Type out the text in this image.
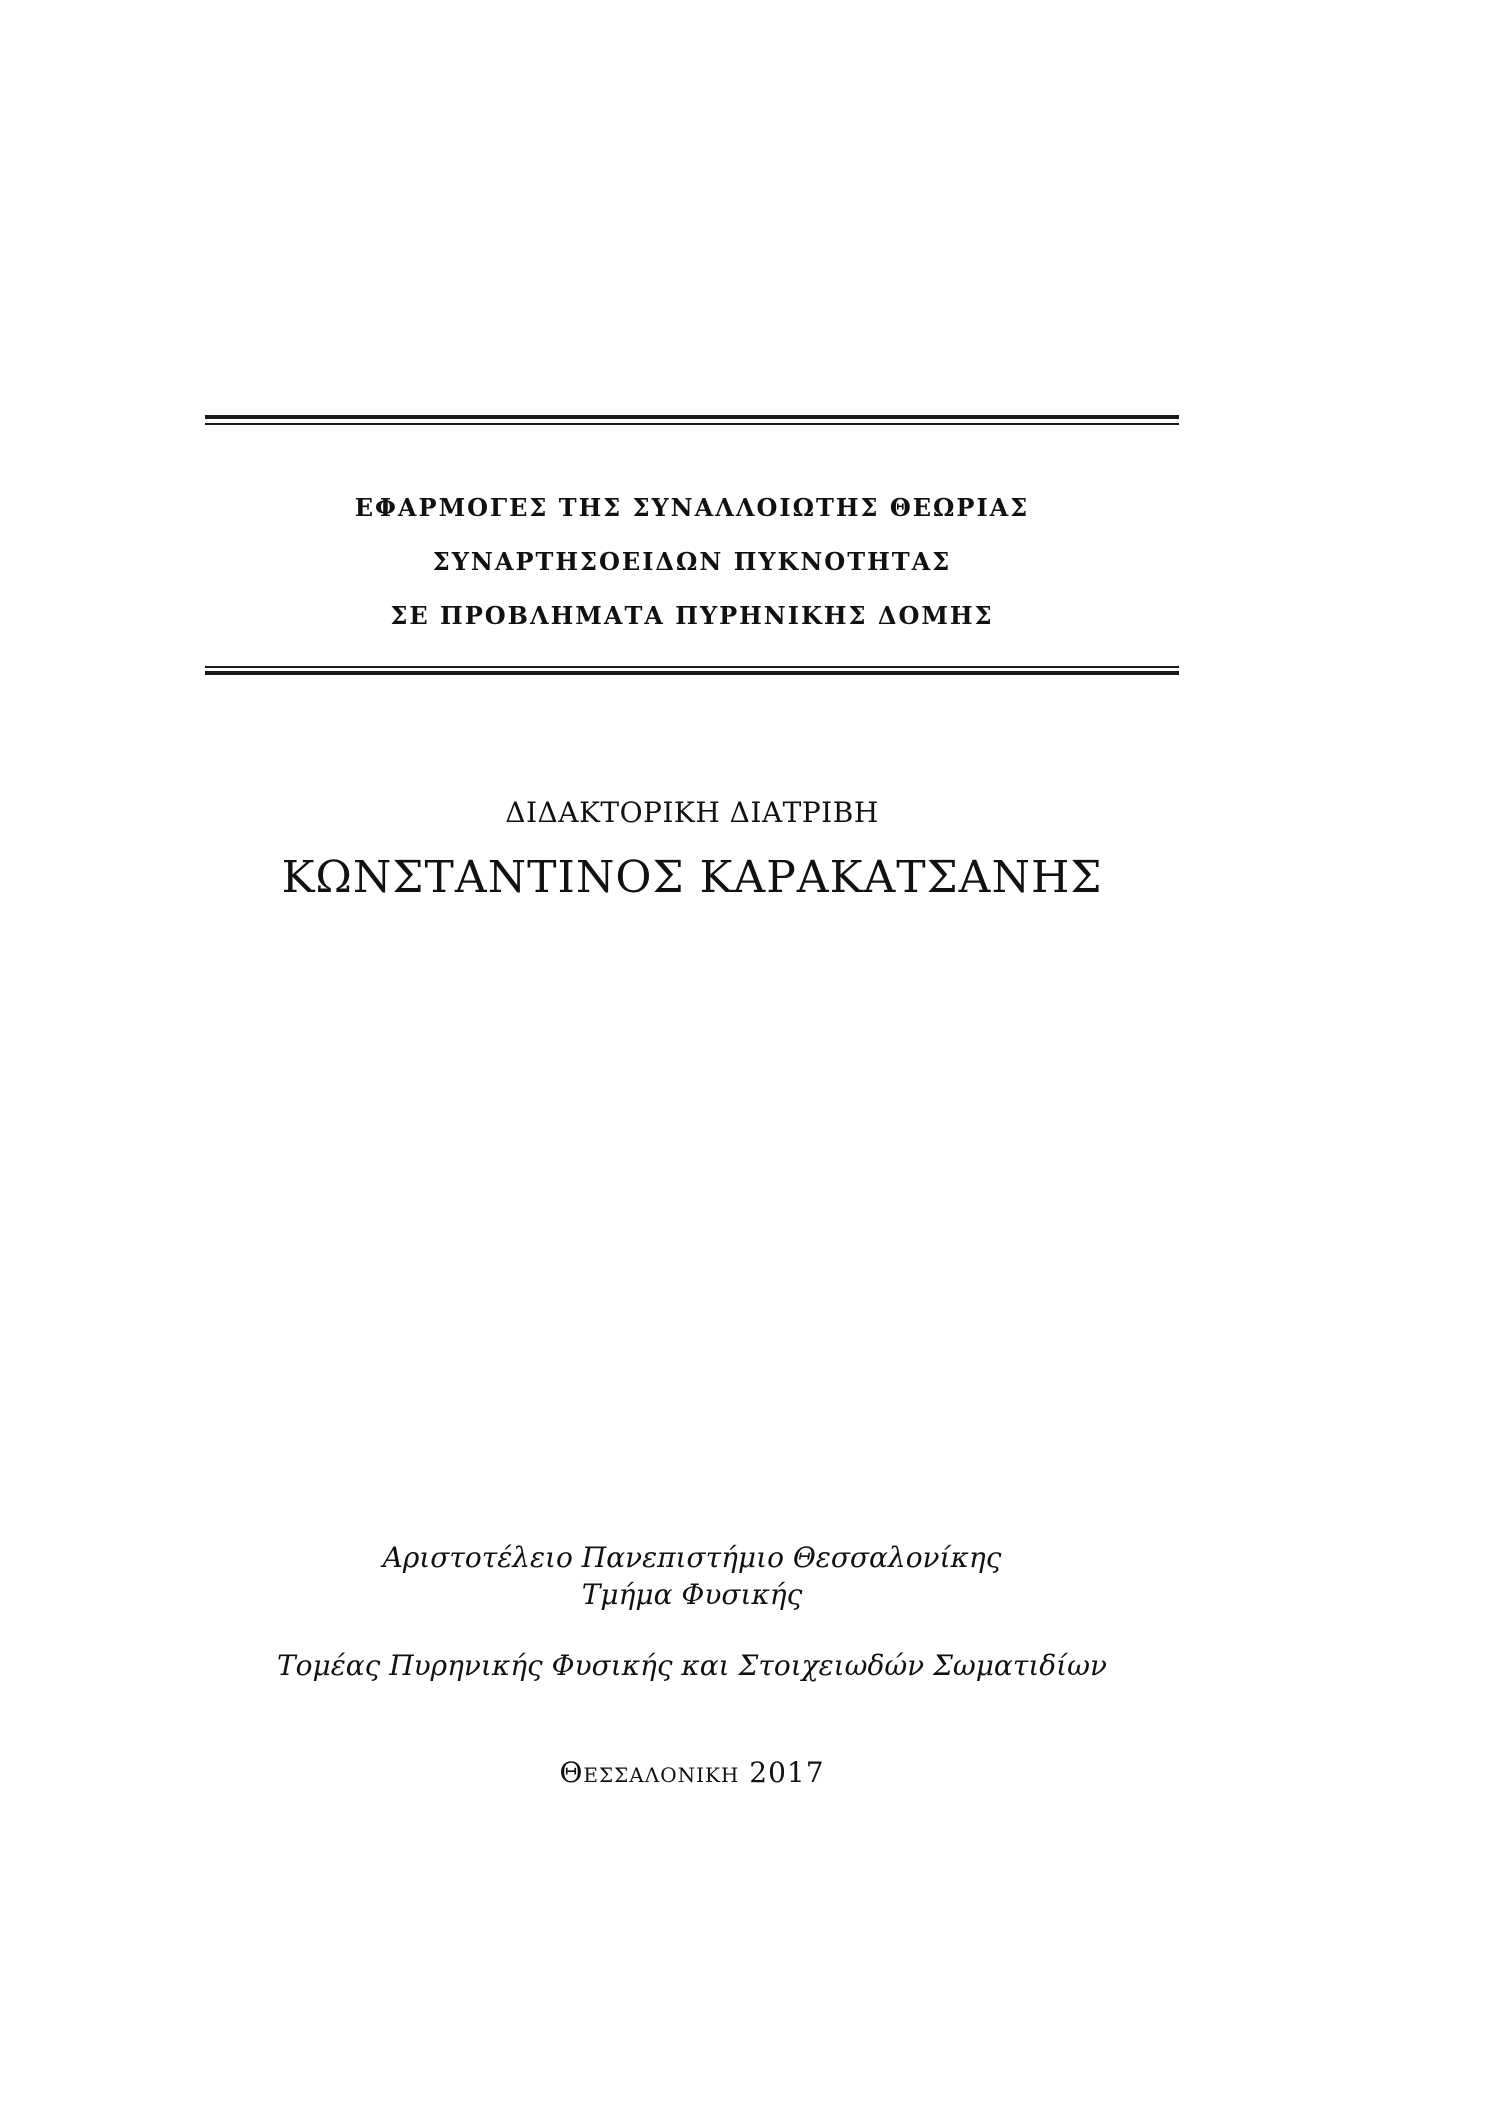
ΕΦΑΡΜΟΓΕΣ ΤΗΣ ΣΥΝΑΛΛΟΙΩΤΗΣ ΘΕΩΡΙΑΣ
ΣΥΝΑΡΤΗΣΟΕΙΔΩΝ ΠΥΚΝΟΤΗΤΑΣ
ΣΕ ΠΡΟΒΛΗΜΑΤΑ ΠΥΡΗΝΙΚΗΣ ΔΟΜΗΣ
ΔΙΔΑΚΤΟΡΙΚΗ ΔΙΑΤΡΙΒΗ
ΚΩΝΣΤΑΝΤΙΝΟΣ ΚΑΡΑΚΑΤΣΑΝΗΣ
Αριστοτέλειο Πανεπιστήμιο Θεσσαλονίκης
Τμήμα Φυσικής
Τομέας Πυρηνικής Φυσικής και Στοιχειωδών Σωματιδίων
Θεσσαλονικη 2017
